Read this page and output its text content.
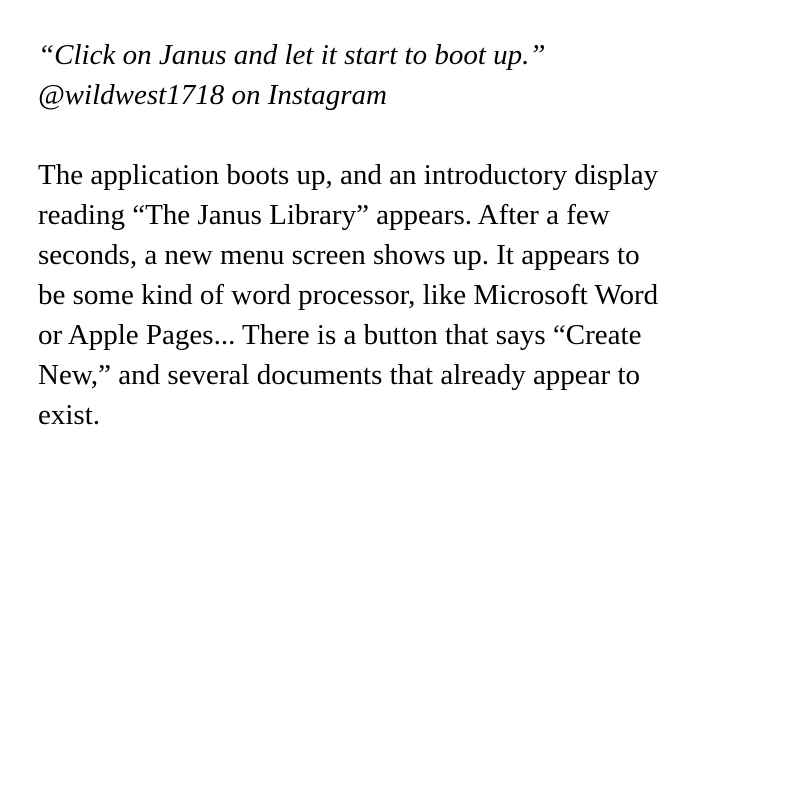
“Click on Janus and let it start to boot up.”

@wildwest1718 on Instagram

The application boots up, and an introductory display
reading “The Janus Library” appears. After a few
seconds, a new menu screen shows up. It appears to
be some kind of word processor, like Microsoft Word
or Apple Pages... There is a button that says “Create
New,” and several documents that already appear to
exist.
